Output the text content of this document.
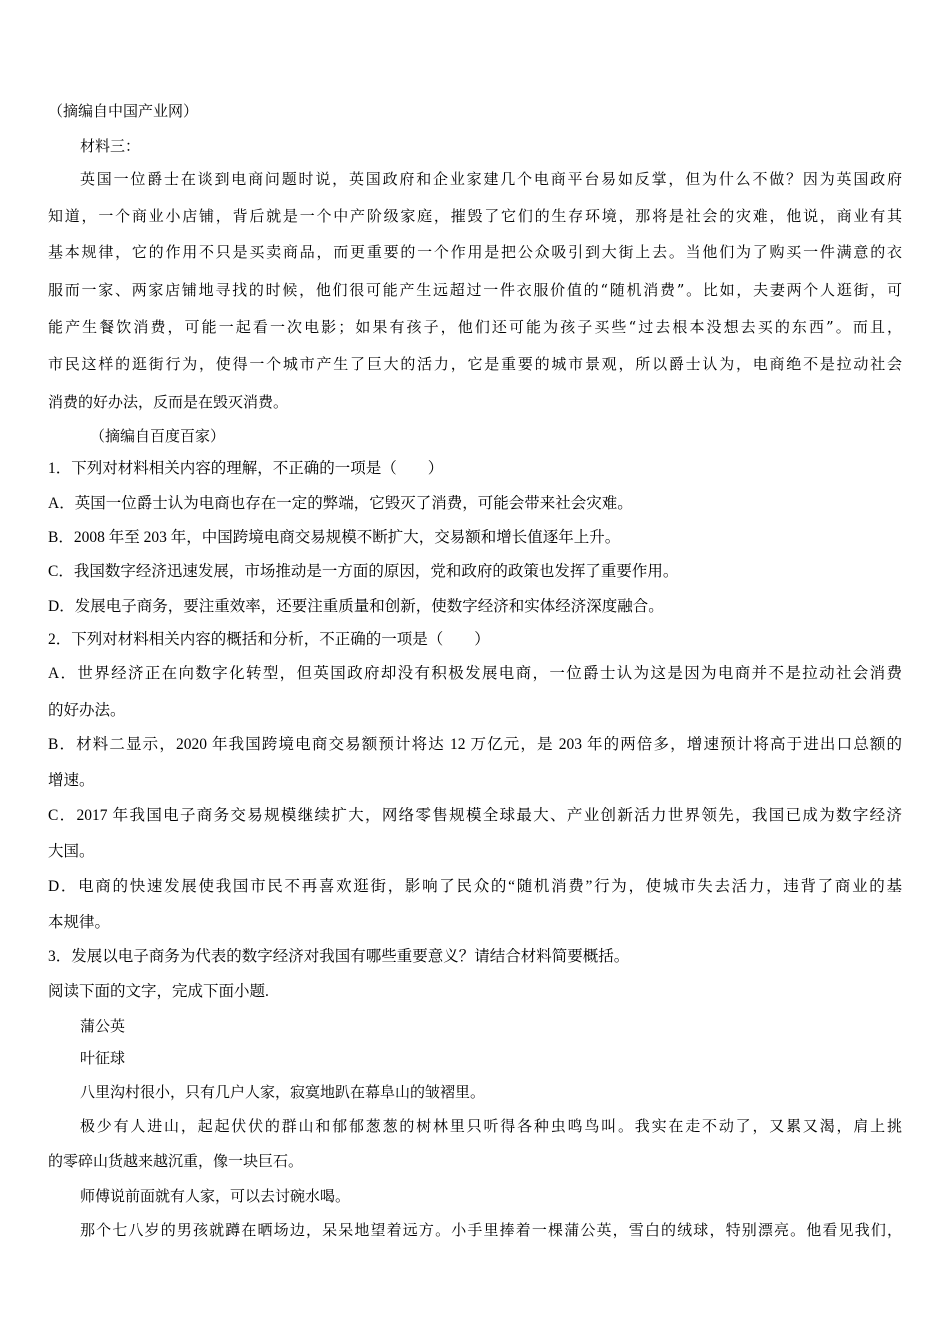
（摘编自中国产业网）
材料三：
英国一位爵士在谈到电商问题时说，英国政府和企业家建几个电商平台易如反掌，但为什么不做？因为英国政府
知道，一个商业小店铺，背后就是一个中产阶级家庭，摧毁了它们的生存环境，那将是社会的灾难，他说，商业有其
基本规律，它的作用不只是买卖商品，而更重要的一个作用是把公众吸引到大街上去。当他们为了购买一件满意的衣
服而一家、两家店铺地寻找的时候，他们很可能产生远超过一件衣服价值的“随机消费”。比如，夫妻两个人逛街，可
能产生餐饮消费，可能一起看一次电影；如果有孩子，他们还可能为孩子买些“过去根本没想去买的东西”。而且，
市民这样的逛街行为，使得一个城市产生了巨大的活力，它是重要的城市景观，所以爵士认为，电商绝不是拉动社会
消费的好办法，反而是在毁灭消费。
（摘编自百度百家）
1．下列对材料相关内容的理解，不正确的一项是（　　）
A．英国一位爵士认为电商也存在一定的弊端，它毁灭了消费，可能会带来社会灾难。
B．2008 年至 203 年，中国跨境电商交易规模不断扩大，交易额和增长值逐年上升。
C．我国数字经济迅速发展，市场推动是一方面的原因，党和政府的政策也发挥了重要作用。
D．发展电子商务，要注重效率，还要注重质量和创新，使数字经济和实体经济深度融合。
2．下列对材料相关内容的概括和分析，不正确的一项是（　　）
A．世界经济正在向数字化转型，但英国政府却没有积极发展电商，一位爵士认为这是因为电商并不是拉动社会消费
的好办法。
B．材料二显示，2020 年我国跨境电商交易额预计将达 12 万亿元，是 203 年的两倍多，增速预计将高于进出口总额的
增速。
C．2017 年我国电子商务交易规模继续扩大，网络零售规模全球最大、产业创新活力世界领先，我国已成为数字经济
大国。
D．电商的快速发展使我国市民不再喜欢逛街，影响了民众的“随机消费”行为，使城市失去活力，违背了商业的基
本规律。
3．发展以电子商务为代表的数字经济对我国有哪些重要意义？请结合材料简要概括。
阅读下面的文字，完成下面小题.
蒲公英
叶征球
八里沟村很小，只有几户人家，寂寞地趴在幕阜山的皱褶里。
极少有人进山，起起伏伏的群山和郁郁葱葱的树林里只听得各种虫鸣鸟叫。我实在走不动了，又累又渴，肩上挑
的零碎山货越来越沉重，像一块巨石。
师傅说前面就有人家，可以去讨碗水喝。
那个七八岁的男孩就蹲在晒场边，呆呆地望着远方。小手里捧着一棵蒲公英，雪白的绒球，特别漂亮。他看见我们，
